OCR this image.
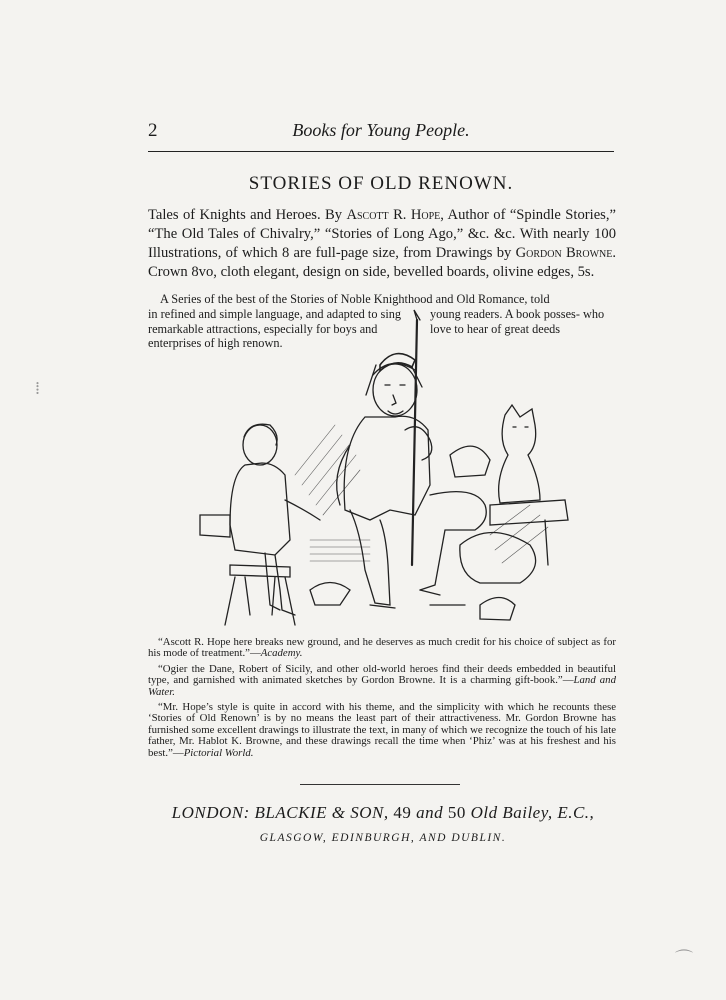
2	Books for Young People.
STORIES OF OLD RENOWN.
Tales of Knights and Heroes. By Ascott R. Hope, Author of “Spindle Stories,” “The Old Tales of Chivalry,” “Stories of Long Ago,” &c. &c. With nearly 100 Illustrations, of which 8 are full-page size, from Drawings by Gordon Browne. Crown 8vo, cloth elegant, design on side, bevelled boards, olivine edges, 5s.
A Series of the best of the Stories of Noble Knighthood and Old Romance, told
in refined and simple language, and adapted to sing remarkable attractions, especially for boys and enterprises of high renown.
young readers. A book posses- who love to hear of great deeds

“Ascott R. Hope here breaks new ground, and he deserves as much credit for his choice of subject as for his mode of treatment.”—Academy.

“Ogier the Dane, Robert of Sicily, and other old-world heroes find their deeds embedded in beautiful type, and garnished with animated sketches by Gordon Browne. It is a charming gift-book.”—Land and Water.

“Mr. Hope’s style is quite in accord with his theme, and the simplicity with which he recounts these ‘Stories of Old Renown’ is by no means the least part of their attractiveness. Mr. Gordon Browne has furnished some excellent drawings to illustrate the text, in many of which we recognize the touch of his late father, Mr. Hablot K. Browne, and these drawings recall the time when ‘Phiz’ was at his freshest and his best.”—Pictorial World.

LONDON: BLACKIE & SON, 49 and 50 Old Bailey, E.C.,
GLASGOW, EDINBURGH, AND DUBLIN.
⁞
⌒
